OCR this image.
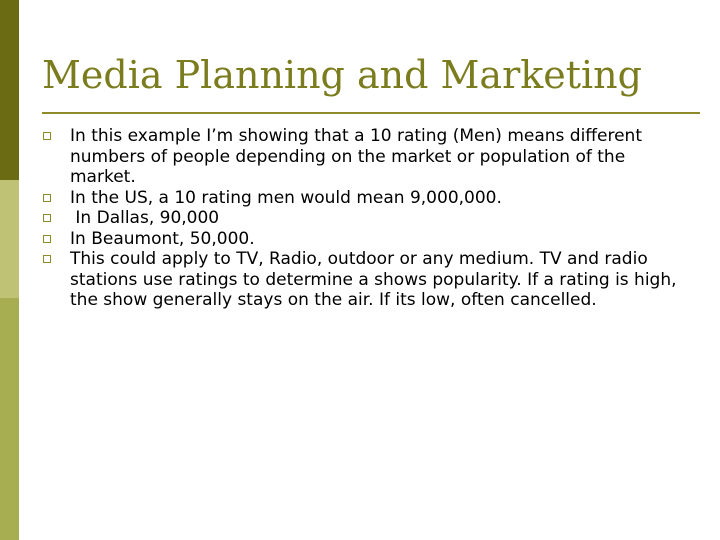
Media Planning and Marketing
In this example I’m showing that a 10 rating (Men) means different numbers of people depending on the market or population of the market.
In the US, a 10 rating men would mean 9,000,000.
In Dallas, 90,000
In Beaumont, 50,000.
This could apply to TV, Radio, outdoor or any medium. TV and radio stations use ratings to determine a shows popularity. If a rating is high, the show generally stays on the air. If its low, often cancelled.
